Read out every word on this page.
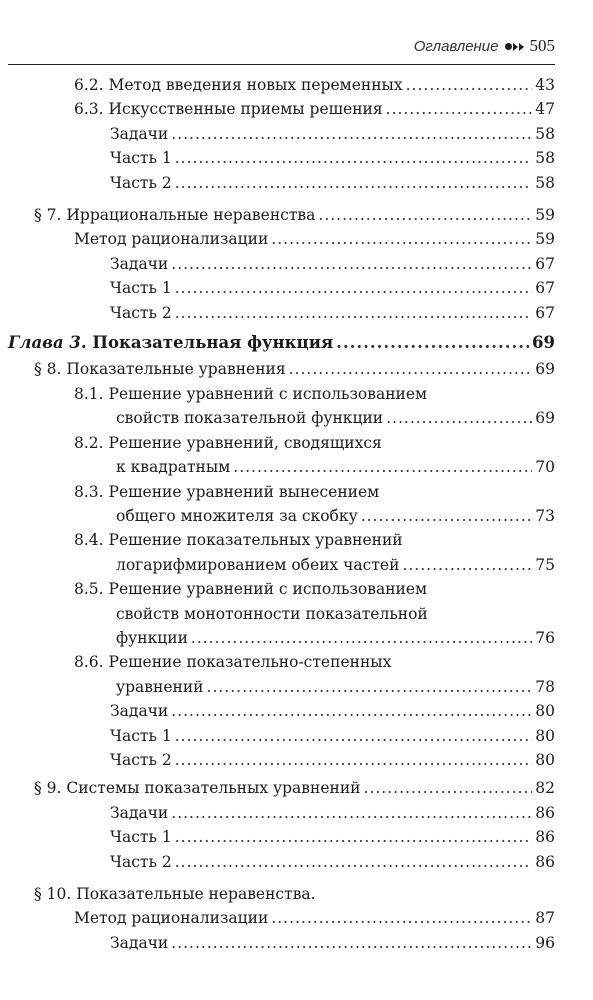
Оглавление 505
6.2. Метод введения новых переменных .....	43
6.3. Искусственные приемы решения .....	47
Задачи .....	58
Часть 1 .....	58
Часть 2 .....	58
§ 7. Иррациональные неравенства .....	59
Метод рационализации .....	59
Задачи .....	67
Часть 1 .....	67
Часть 2 .....	67
Глава 3. Показательная функция .....	69
§ 8. Показательные уравнения .....	69
8.1. Решение уравнений с использованием
свойств показательной функции .....	69
8.2. Решение уравнений, сводящихся
к квадратным .....	70
8.3. Решение уравнений вынесением
общего множителя за скобку .....	73
8.4. Решение показательных уравнений
логарифмированием обеих частей .....	75
8.5. Решение уравнений с использованием
свойств монотонности показательной
функции .....	76
8.6. Решение показательно-степенных
уравнений .....	78
Задачи .....	80
Часть 1 .....	80
Часть 2 .....	80
§ 9. Системы показательных уравнений .....	82
Задачи .....	86
Часть 1 .....	86
Часть 2 .....	86
§ 10. Показательные неравенства.
Метод рационализации .....	87
Задачи .....	96
